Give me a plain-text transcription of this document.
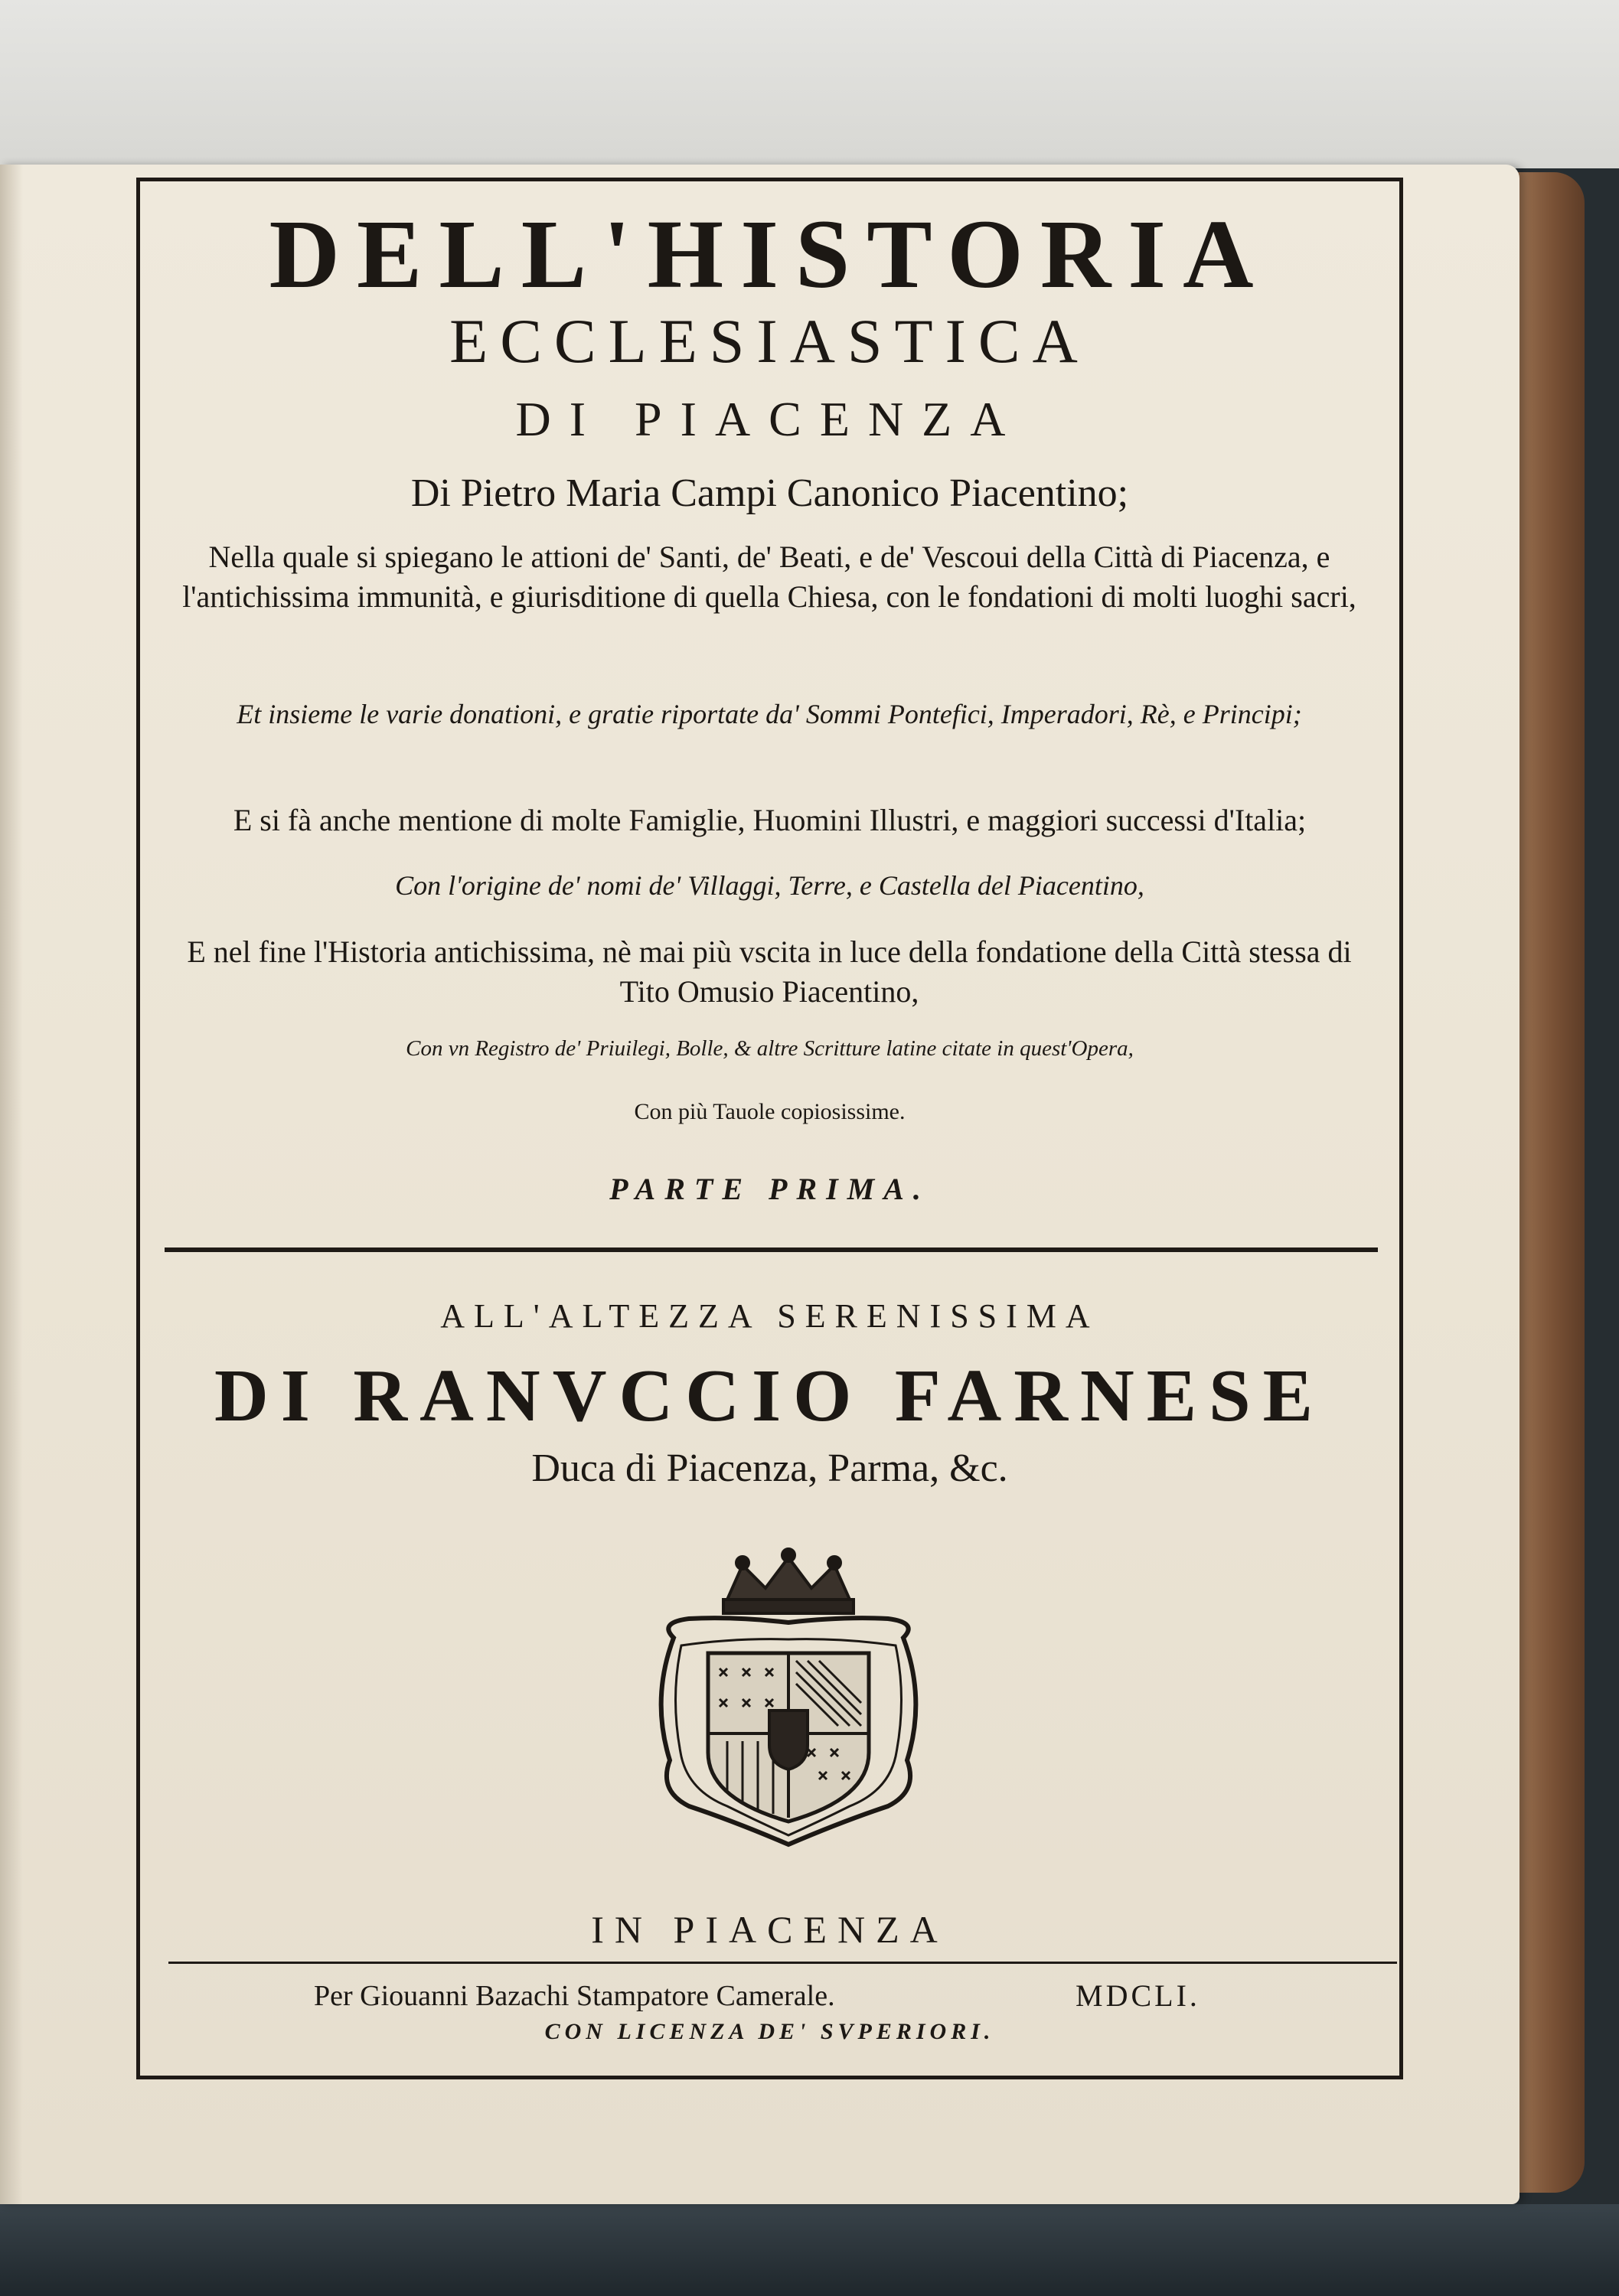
DELL'HISTORIA
ECCLESIASTICA
DI PIACENZA
Di Pietro Maria Campi Canonico Piacentino;
Nella quale si spiegano le attioni de' Santi, de' Beati, e de' Vescoui della Città di Piacenza, e l'antichissima immunità, e giurisditione di quella Chiesa, con le fondationi di molti luoghi sacri,
Et insieme le varie donationi, e gratie riportate da' Sommi Pontefici, Imperadori, Rè, e Principi;
E si fà anche mentione di molte Famiglie, Huomini Illustri, e maggiori successi d'Italia;
Con l'origine de' nomi de' Villaggi, Terre, e Castella del Piacentino,
E nel fine l'Historia antichissima, nè mai più vscita in luce della fondatione della Città stessa di Tito Omusio Piacentino,
Con vn Registro de' Priuilegi, Bolle, & altre Scritture latine citate in quest'Opera,
Con più Tauole copiosissime.
PARTE PRIMA.
ALL'ALTEZZA SERENISSIMA
DI RANVCCIO FARNESE
Duca di Piacenza, Parma, &c.
IN PIACENZA
Per Giouanni Bazachi Stampatore Camerale.	MDCLI.
CON LICENZA DE' SVPERIORI.
